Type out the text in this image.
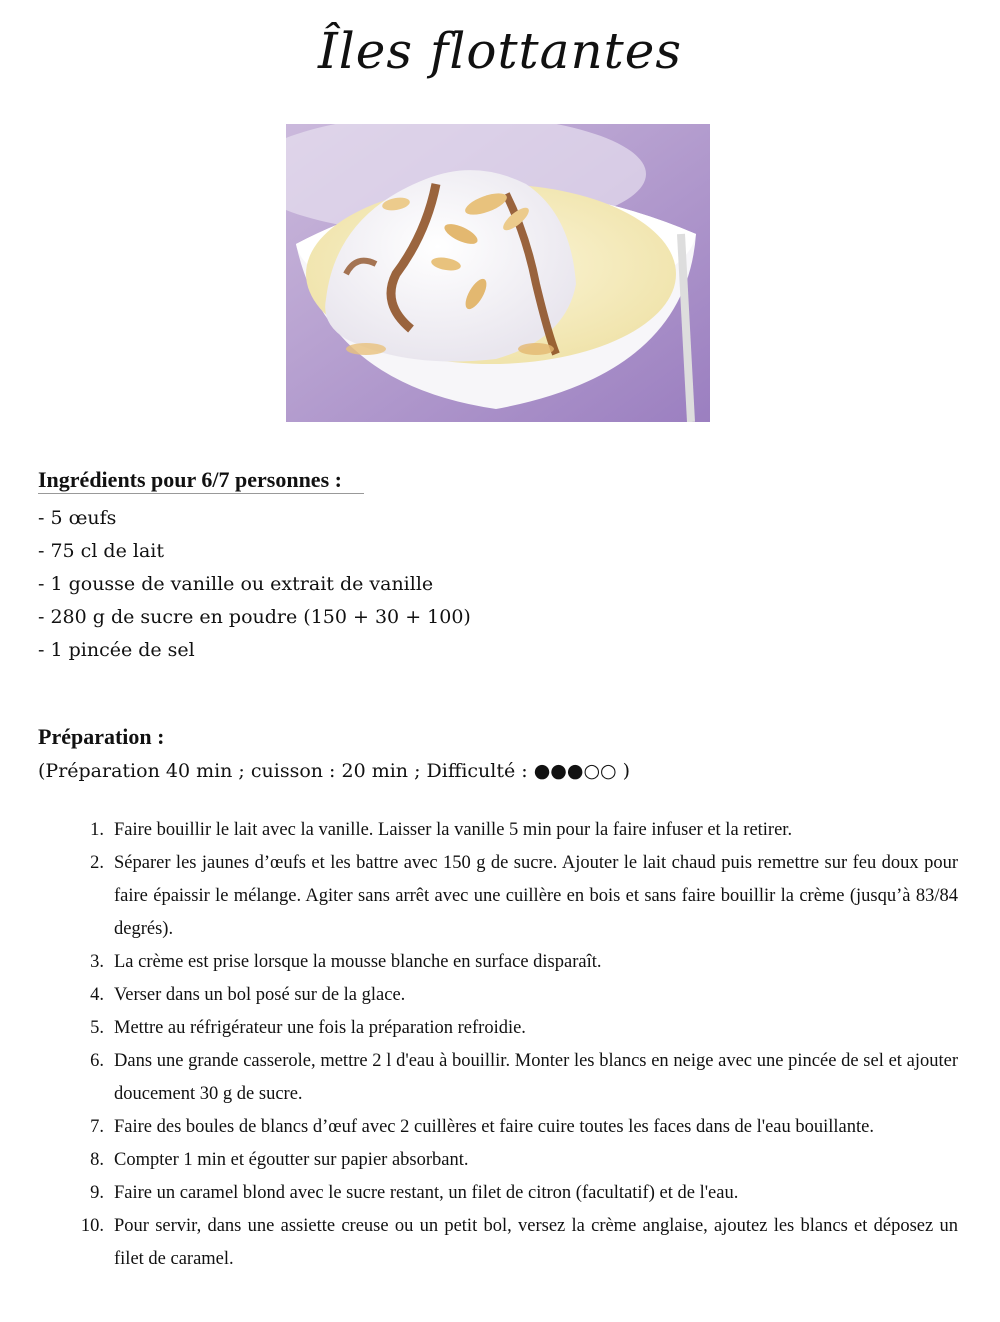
Îles flottantes
Ingrédients pour 6/7 personnes :
- 5 œufs
- 75 cl de lait
- 1 gousse de vanille ou extrait de vanille
- 280 g de sucre en poudre (150 + 30 + 100)
- 1 pincée de sel
Préparation :
(Préparation 40 min ; cuisson : 20 min ; Difficulté : ●●●○○ )
1. Faire bouillir le lait avec la vanille. Laisser la vanille 5 min pour la faire infuser et la retirer.
2. Séparer les jaunes d’œufs et les battre avec 150 g de sucre. Ajouter le lait chaud puis remettre sur feu doux pour faire épaissir le mélange. Agiter sans arrêt avec une cuillère en bois et sans faire bouillir la crème (jusqu’à 83/84 degrés).
3. La crème est prise lorsque la mousse blanche en surface disparaît.
4. Verser dans un bol posé sur de la glace.
5. Mettre au réfrigérateur une fois la préparation refroidie.
6. Dans une grande casserole, mettre 2 l d'eau à bouillir. Monter les blancs en neige avec une pincée de sel et ajouter doucement 30 g de sucre.
7. Faire des boules de blancs d’œuf avec 2 cuillères et faire cuire toutes les faces dans de l'eau bouillante.
8. Compter 1 min et égoutter sur papier absorbant.
9. Faire un caramel blond avec le sucre restant, un filet de citron (facultatif) et de l'eau.
10. Pour servir, dans une assiette creuse ou un petit bol, versez la crème anglaise, ajoutez les blancs et déposez un filet de caramel.
